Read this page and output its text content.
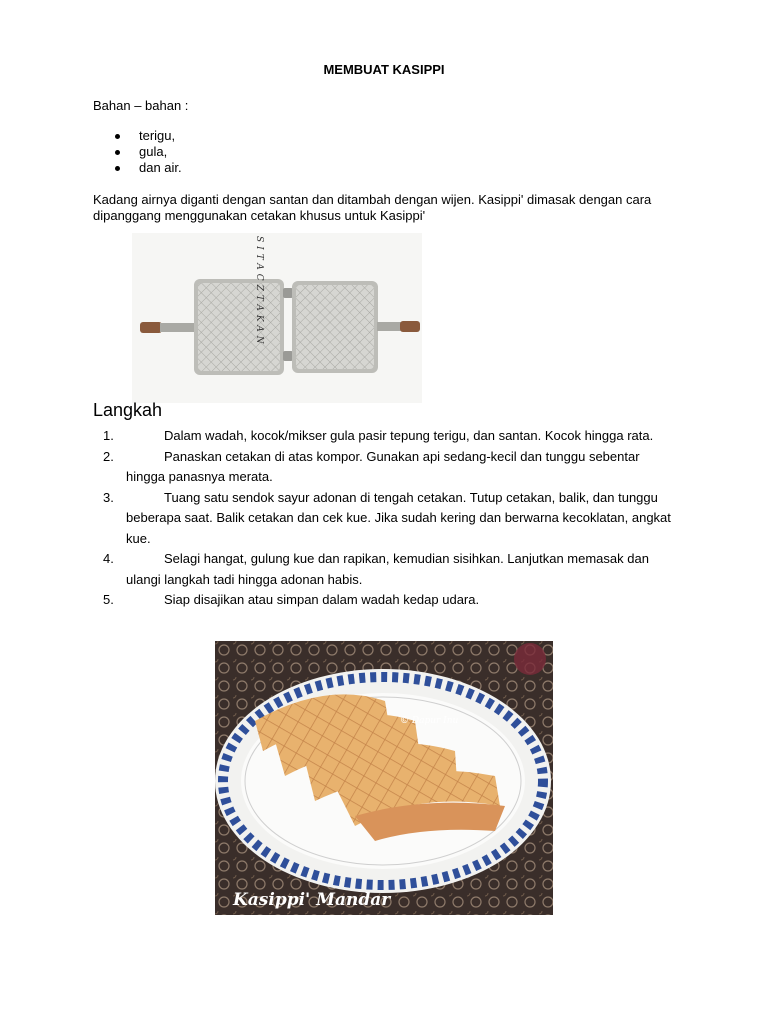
MEMBUAT KASIPPI
Bahan – bahan :
terigu,
gula,
dan air.
Kadang airnya diganti dengan santan dan ditambah dengan wijen. Kasippi' dimasak dengan cara dipanggang menggunakan cetakan khusus untuk Kasippi'
SITACZTAKAN
Langkah
1.	Dalam wadah, kocok/mikser gula pasir tepung terigu, dan santan. Kocok hingga rata.
2.	Panaskan cetakan di atas kompor. Gunakan api sedang-kecil dan tunggu sebentar hingga panasnya merata.
3.	Tuang satu sendok sayur adonan di tengah cetakan. Tutup cetakan, balik, dan tunggu beberapa saat. Balik cetakan dan cek kue. Jika sudah kering dan berwarna kecoklatan, angkat kue.
4.	Selagi hangat, gulung kue dan rapikan, kemudian sisihkan. Lanjutkan memasak dan ulangi langkah tadi hingga adonan habis.
5.	Siap disajikan atau simpan dalam wadah kedap udara.
© Dapur Inu
Kasippi' Mandar
